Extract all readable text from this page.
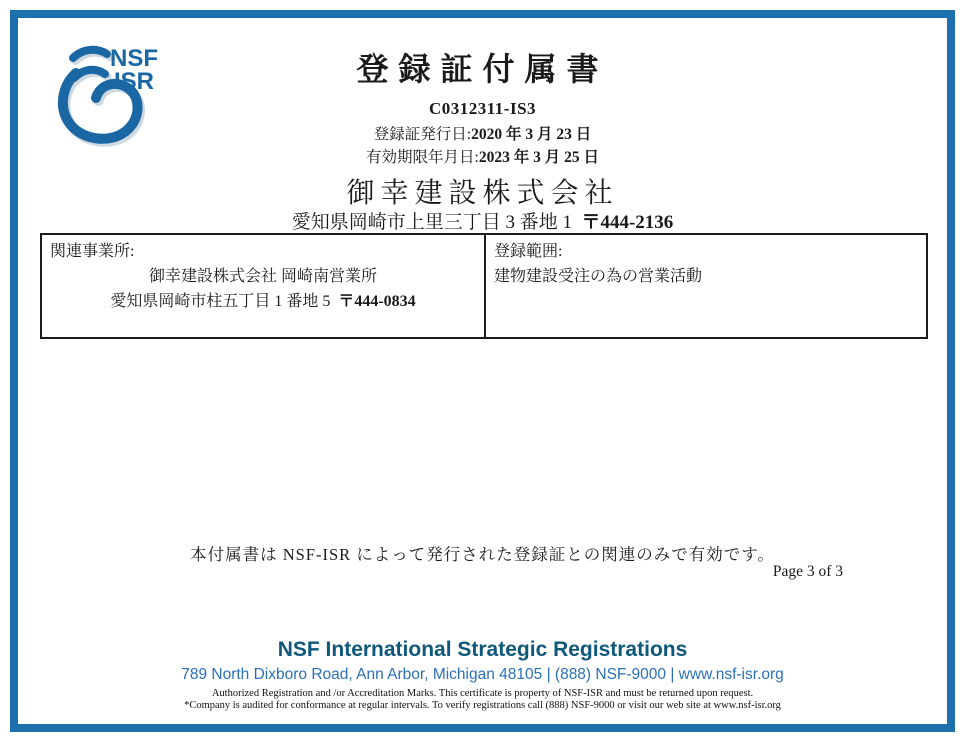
NSF
ISR	登録証付属書
C0312311-IS3
登録証発行日:2020 年 3 月 23 日
有効期限年月日:2023 年 3 月 25 日
御幸建設株式会社
愛知県岡崎市上里三丁目 3 番地 1 〒444-2136
関連事業所:
御幸建設株式会社 岡崎南営業所
愛知県岡崎市柱五丁目 1 番地 5 〒444-0834
登録範囲:
建物建設受注の為の営業活動
本付属書は NSF-ISR によって発行された登録証との関連のみで有効です。
Page 3 of 3
NSF International Strategic Registrations
789 North Dixboro Road, Ann Arbor, Michigan 48105 | (888) NSF-9000 | www.nsf-isr.org
Authorized Registration and /or Accreditation Marks. This certificate is property of NSF-ISR and must be returned upon request.
*Company is audited for conformance at regular intervals. To verify registrations call (888) NSF-9000 or visit our web site at www.nsf-isr.org
